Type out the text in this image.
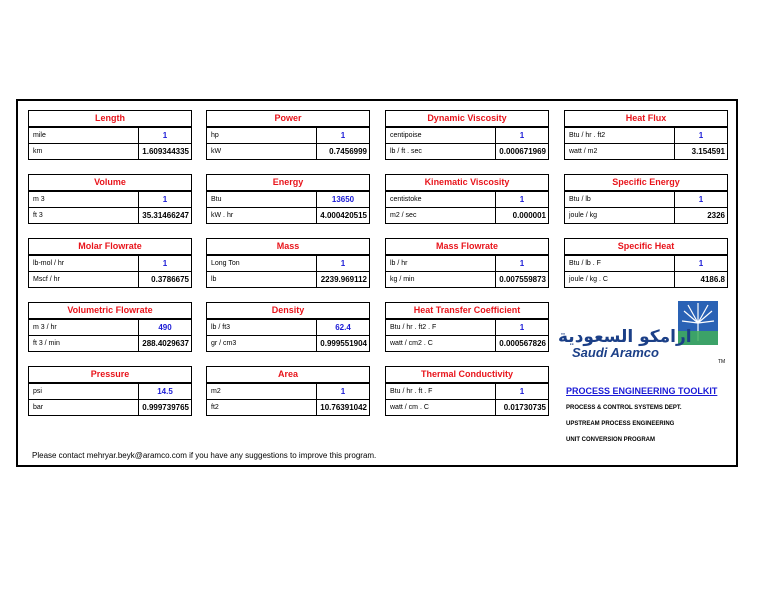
Length
mile	1
km	1.609344335
Power
hp	1
kW	0.7456999
Dynamic Viscosity
centipoise	1
lb / ft . sec	0.000671969
Heat Flux
Btu / hr . ft2	1
watt / m2	3.154591
Volume
m 3	1
ft 3	35.31466247
Energy
Btu	13650
kW . hr	4.000420515
Kinematic Viscosity
centistoke	1
m2 / sec	0.000001
Specific Energy
Btu / lb	1
joule / kg	2326
Molar Flowrate
lb-mol / hr	1
Mscf / hr	0.3786675
Mass
Long Ton	1
lb	2239.969112
Mass Flowrate
lb / hr	1
kg / min	0.007559873
Specific Heat
Btu / lb . F	1
joule / kg . C	4186.8
Volumetric Flowrate
m 3 / hr	490
ft 3 / min	288.4029637
Density
lb / ft3	62.4
gr / cm3	0.999551904
Heat Transfer Coefficient
Btu / hr . ft2 . F	1
watt / cm2 . C	0.000567826
Pressure
psi	14.5
bar	0.999739765
Area
m2	1
ft2	10.76391042
Thermal Conductivity
Btu / hr . ft . F	1
watt / cm . C	0.01730735
ارامكو السعودية
Saudi Aramco
TM
PROCESS ENGINEERING TOOLKIT
PROCESS & CONTROL SYSTEMS DEPT.
UPSTREAM PROCESS ENGINEERING
UNIT CONVERSION PROGRAM
Please contact mehryar.beyk@aramco.com if you have any suggestions to improve this program.
